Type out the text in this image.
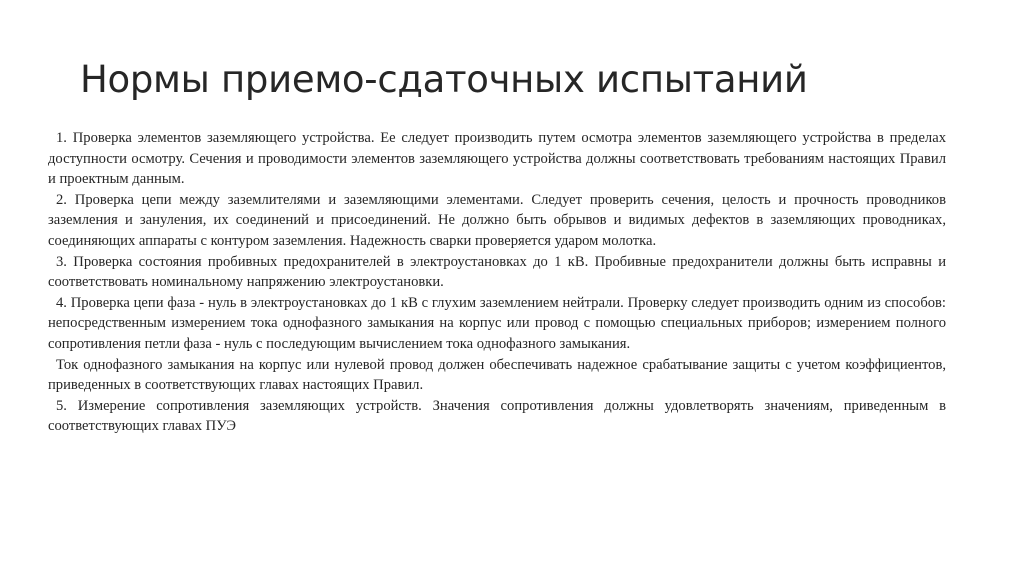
Нормы приемо-сдаточных испытаний

1. Проверка элементов заземляющего устройства. Ее следует производить путем осмотра элементов заземляющего устройства в пределах доступности осмотру. Сечения и проводимости элементов заземляющего устройства должны соответствовать требованиям настоящих Правил и проектным данным.

2. Проверка цепи между заземлителями и заземляющими элементами. Следует проверить сечения, целость и прочность проводников заземления и зануления, их соединений и присоединений. Не должно быть обрывов и видимых дефектов в заземляющих проводниках, соединяющих аппараты с контуром заземления. Надежность сварки проверяется ударом молотка.

3. Проверка состояния пробивных предохранителей в электроустановках до 1 кВ. Пробивные предохранители должны быть исправны и соответствовать номинальному напряжению электроустановки.

4. Проверка цепи фаза - нуль в электроустановках до 1 кВ с глухим заземлением нейтрали. Проверку следует производить одним из способов: непосредственным измерением тока однофазного замыкания на корпус или провод с помощью специальных приборов; измерением полного сопротивления петли фаза - нуль с последующим вычислением тока однофазного замыкания.

Ток однофазного замыкания на корпус или нулевой провод должен обеспечивать надежное срабатывание защиты с учетом коэффициентов, приведенных в соответствующих главах настоящих Правил.

5. Измерение сопротивления заземляющих устройств. Значения сопротивления должны удовлетворять значениям, приведенным в соответствующих главах ПУЭ
